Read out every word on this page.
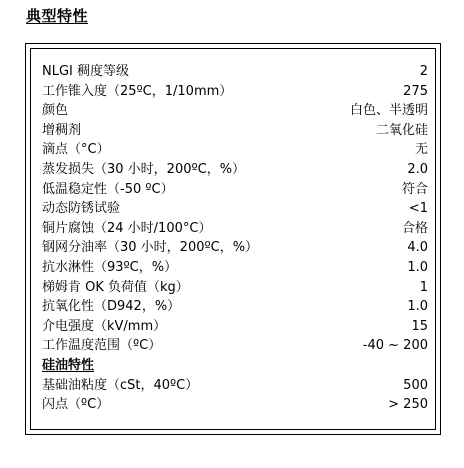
典型特性
NLGI 稠度等级	2
工作锥入度（25ºC，1/10mm）	275
颜色	白色、半透明
增稠剂	二氧化硅
滴点（°C）	无
蒸发损失（30 小时，200ºC，%）	2.0
低温稳定性（-50 ºC）	符合
动态防锈试验	<1
铜片腐蚀（24 小时/100°C）	合格
钢网分油率（30 小时，200ºC，%）	4.0
抗水淋性（93ºC，%）	1.0
梯姆肯 OK 负荷值（kg）	1
抗氧化性（D942，%）	1.0
介电强度（kV/mm）	15
工作温度范围（ºC）	-40 ~ 200
硅油特性
基础油粘度（cSt，40ºC）	500
闪点（ºC）	> 250
